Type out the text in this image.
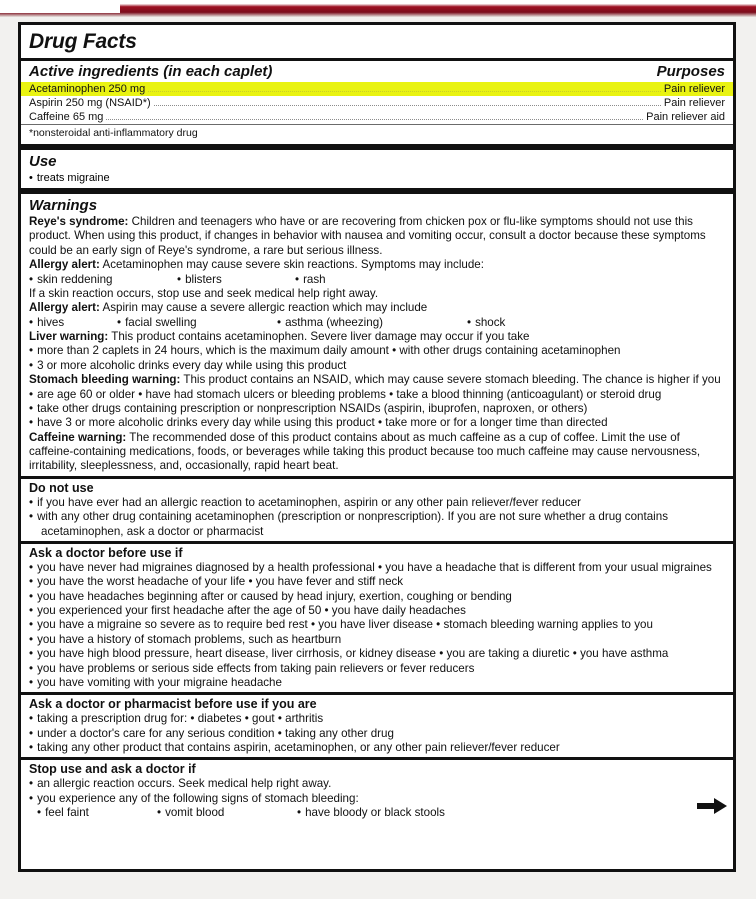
Drug Facts
Active ingredients (in each caplet)	Purposes
Acetaminophen 250 mg	Pain reliever
Aspirin 250 mg (NSAID*)	Pain reliever
Caffeine 65 mg	Pain reliever aid
*nonsteroidal anti-inflammatory drug
Use
• treats migraine
Warnings
Reye's syndrome: Children and teenagers who have or are recovering from chicken pox or flu-like symptoms should not use this
product. When using this product, if changes in behavior with nausea and vomiting occur, consult a doctor because these symptoms
could be an early sign of Reye's syndrome, a rare but serious illness.
Allergy alert: Acetaminophen may cause severe skin reactions. Symptoms may include:
• skin reddening	• blisters	• rash
If a skin reaction occurs, stop use and seek medical help right away.
Allergy alert: Aspirin may cause a severe allergic reaction which may include
• hives	• facial swelling	• asthma (wheezing)	• shock
Liver warning: This product contains acetaminophen. Severe liver damage may occur if you take
• more than 2 caplets in 24 hours, which is the maximum daily amount • with other drugs containing acetaminophen
• 3 or more alcoholic drinks every day while using this product
Stomach bleeding warning: This product contains an NSAID, which may cause severe stomach bleeding. The chance is higher if you
• are age 60 or older • have had stomach ulcers or bleeding problems • take a blood thinning (anticoagulant) or steroid drug
• take other drugs containing prescription or nonprescription NSAIDs (aspirin, ibuprofen, naproxen, or others)
• have 3 or more alcoholic drinks every day while using this product • take more or for a longer time than directed
Caffeine warning: The recommended dose of this product contains about as much caffeine as a cup of coffee. Limit the use of
caffeine-containing medications, foods, or beverages while taking this product because too much caffeine may cause nervousness,
irritability, sleeplessness, and, occasionally, rapid heart beat.
Do not use
• if you have ever had an allergic reaction to acetaminophen, aspirin or any other pain reliever/fever reducer
• with any other drug containing acetaminophen (prescription or nonprescription). If you are not sure whether a drug contains
acetaminophen, ask a doctor or pharmacist
Ask a doctor before use if
• you have never had migraines diagnosed by a health professional • you have a headache that is different from your usual migraines
• you have the worst headache of your life • you have fever and stiff neck
• you have headaches beginning after or caused by head injury, exertion, coughing or bending
• you experienced your first headache after the age of 50 • you have daily headaches
• you have a migraine so severe as to require bed rest • you have liver disease • stomach bleeding warning applies to you
• you have a history of stomach problems, such as heartburn
• you have high blood pressure, heart disease, liver cirrhosis, or kidney disease • you are taking a diuretic • you have asthma
• you have problems or serious side effects from taking pain relievers or fever reducers
• you have vomiting with your migraine headache
Ask a doctor or pharmacist before use if you are
• taking a prescription drug for: • diabetes • gout • arthritis
• under a doctor's care for any serious condition • taking any other drug
• taking any other product that contains aspirin, acetaminophen, or any other pain reliever/fever reducer
Stop use and ask a doctor if
• an allergic reaction occurs. Seek medical help right away.
• you experience any of the following signs of stomach bleeding:
• feel faint	• vomit blood	• have bloody or black stools
